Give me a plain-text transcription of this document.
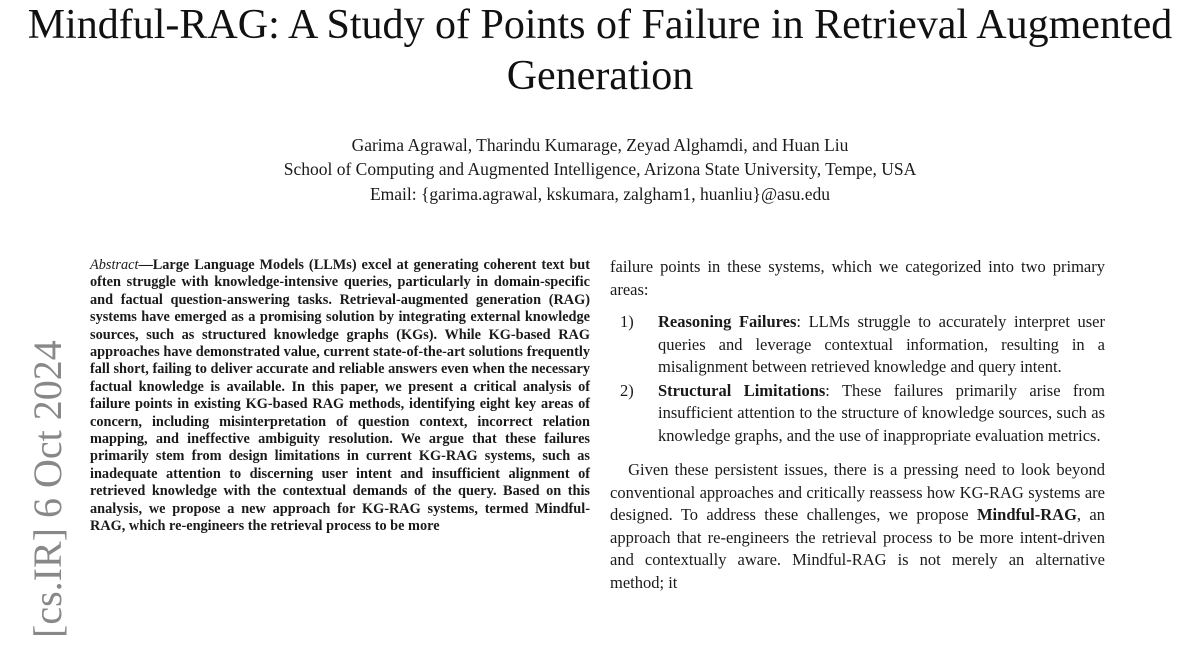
Mindful-RAG: A Study of Points of Failure in Retrieval Augmented Generation
Garima Agrawal, Tharindu Kumarage, Zeyad Alghamdi, and Huan Liu
School of Computing and Augmented Intelligence, Arizona State University, Tempe, USA
Email: {garima.agrawal, kskumara, zalgham1, huanliu}@asu.edu
[cs.IR] 6 Oct 2024
Abstract—Large Language Models (LLMs) excel at generating coherent text but often struggle with knowledge-intensive queries, particularly in domain-specific and factual question-answering tasks. Retrieval-augmented generation (RAG) systems have emerged as a promising solution by integrating external knowledge sources, such as structured knowledge graphs (KGs). While KG-based RAG approaches have demonstrated value, current state-of-the-art solutions frequently fall short, failing to deliver accurate and reliable answers even when the necessary factual knowledge is available. In this paper, we present a critical analysis of failure points in existing KG-based RAG methods, identifying eight key areas of concern, including misinterpretation of question context, incorrect relation mapping, and ineffective ambiguity resolution. We argue that these failures primarily stem from design limitations in current KG-RAG systems, such as inadequate attention to discerning user intent and insufficient alignment of retrieved knowledge with the contextual demands of the query. Based on this analysis, we propose a new approach for KG-RAG systems, termed Mindful-RAG, which re-engineers the retrieval process to be more

failure points in these systems, which we categorized into two primary areas:

1) Reasoning Failures: LLMs struggle to accurately interpret user queries and leverage contextual information, resulting in a misalignment between retrieved knowledge and query intent.
2) Structural Limitations: These failures primarily arise from insufficient attention to the structure of knowledge sources, such as knowledge graphs, and the use of inappropriate evaluation metrics.

Given these persistent issues, there is a pressing need to look beyond conventional approaches and critically reassess how KG-RAG systems are designed. To address these challenges, we propose Mindful-RAG, an approach that re-engineers the retrieval process to be more intent-driven and contextually aware. Mindful-RAG is not merely an alternative method; it
